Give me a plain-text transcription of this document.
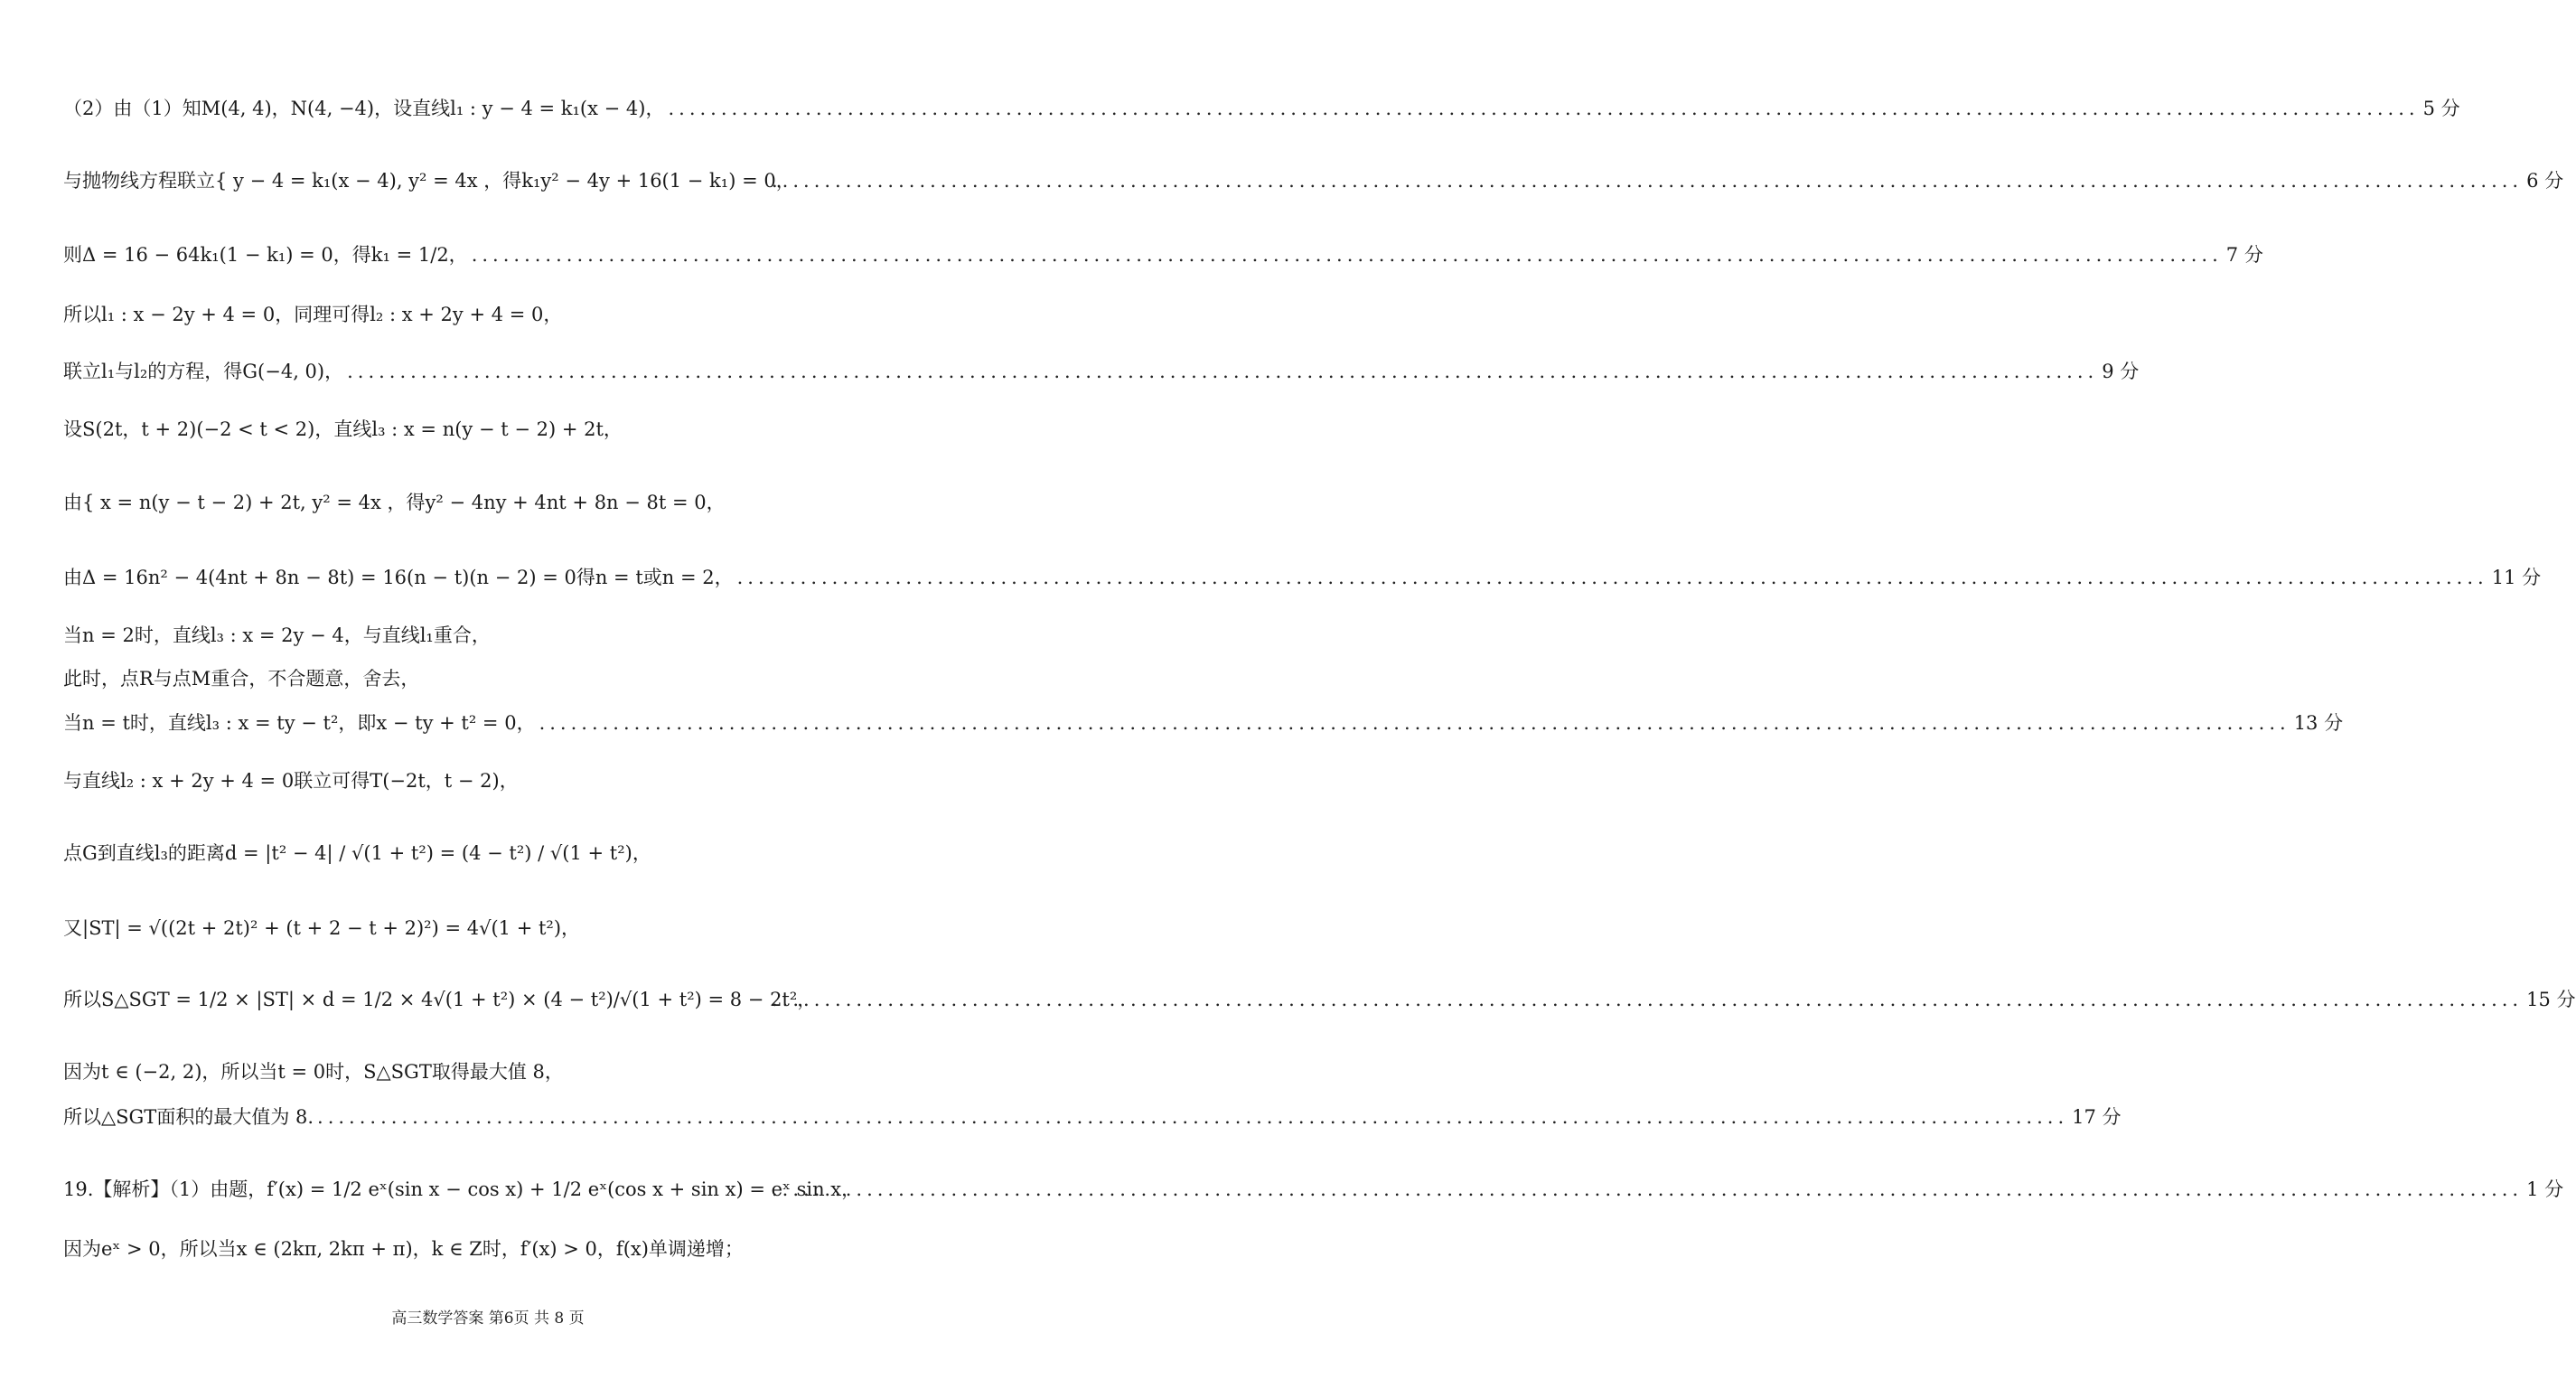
（2）由（1）知M(4, 4)，N(4, −4)，设直线l₁ : y − 4 = k₁(x − 4)， .....	5 分
与抛物线方程联立{ y − 4 = k₁(x − 4), y² = 4x ，得k₁y² − 4y + 16(1 − k₁) = 0， .....	6 分
则Δ = 16 − 64k₁(1 − k₁) = 0，得k₁ = 1/2， .....	7 分
所以l₁ : x − 2y + 4 = 0，同理可得l₂ : x + 2y + 4 = 0，
联立l₁与l₂的方程，得G(−4, 0)， .....	9 分
设S(2t，t + 2)(−2 < t < 2)，直线l₃ : x = n(y − t − 2) + 2t，
由{ x = n(y − t − 2) + 2t, y² = 4x ，得y² − 4ny + 4nt + 8n − 8t = 0，
由Δ = 16n² − 4(4nt + 8n − 8t) = 16(n − t)(n − 2) = 0得n = t或n = 2， .....	11 分
当n = 2时，直线l₃ : x = 2y − 4，与直线l₁重合，
此时，点R与点M重合，不合题意，舍去，
当n = t时，直线l₃ : x = ty − t²，即x − ty + t² = 0， .....	13 分
与直线l₂ : x + 2y + 4 = 0联立可得T(−2t，t − 2)，
点G到直线l₃的距离d = |t² − 4| / √(1 + t²) = (4 − t²) / √(1 + t²)，
又|ST| = √((2t + 2t)² + (t + 2 − t + 2)²) = 4√(1 + t²)，
所以S△SGT = 1/2 × |ST| × d = 1/2 × 4√(1 + t²) × (4 − t²)/√(1 + t²) = 8 − 2t²， .....	15 分
因为t ∈ (−2, 2)，所以当t = 0时，S△SGT取得最大值 8，
所以△SGT面积的最大值为 8. .....	17 分
19.【解析】（1）由题，f′(x) = 1/2 eˣ(sin x − cos x) + 1/2 eˣ(cos x + sin x) = eˣ sin x， .....	1 分
因为eˣ > 0，所以当x ∈ (2kπ, 2kπ + π)，k ∈ Z时，f′(x) > 0，f(x)单调递增；
高三数学答案 第6页 共 8 页
